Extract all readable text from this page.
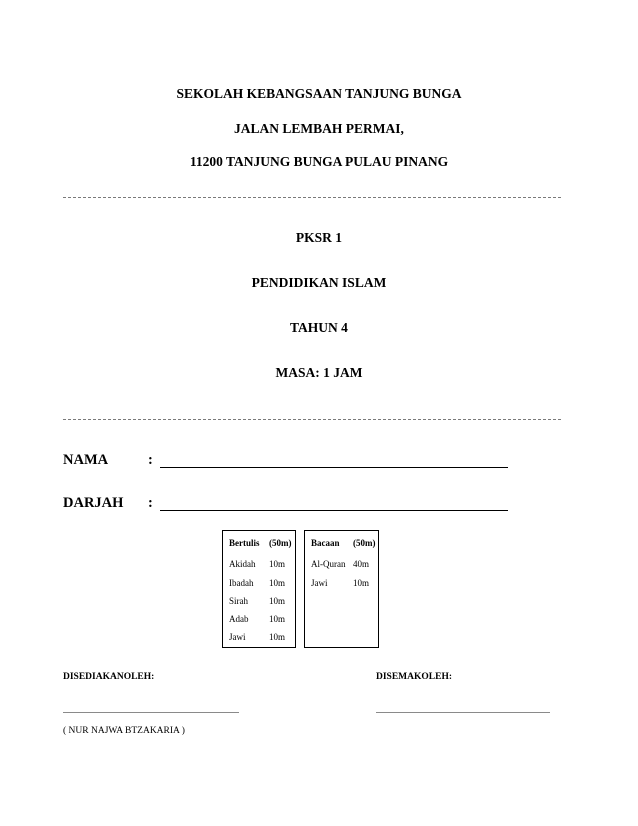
SEKOLAH KEBANGSAAN TANJUNG BUNGA
JALAN LEMBAH PERMAI,
11200 TANJUNG BUNGA PULAU PINANG
PKSR 1
PENDIDIKAN ISLAM
TAHUN 4
MASA: 1 JAM
NAMA	:
DARJAH :
Bertulis (50m)
Akidah 10m
Ibadah 10m
Sirah 10m
Adab 10m
Jawi	10m
Bacaan (50m)
Al-Quran 40m
Jawi	10m
DISEDIAKANOLEH:	DISEMAKOLEH:
( NUR NAJWA BTZAKARIA )
